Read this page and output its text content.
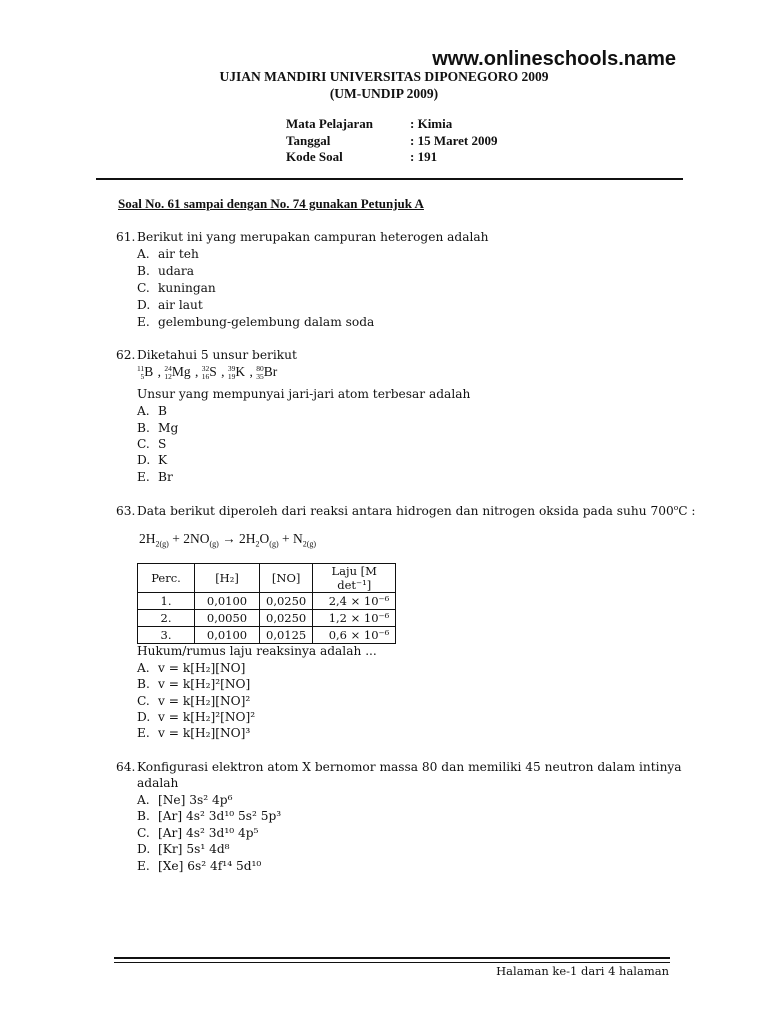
www.onlineschools.name
UJIAN MANDIRI UNIVERSITAS DIPONEGORO 2009
(UM-UNDIP 2009)
Mata Pelajaran	: Kimia
Tanggal	: 15 Maret 2009
Kode Soal	: 191
Soal No. 61 sampai dengan No. 74 gunakan Petunjuk A
61. Berikut ini yang merupakan campuran heterogen adalah
A. air teh
B. udara
C. kuningan
D. air laut
E. gelembung-gelembung dalam soda
62. Diketahui 5 unsur berikut
11
5 B , 24
12 Mg , 32
16 S , 39
19 K , 80
35 Br
Unsur yang mempunyai jari-jari atom terbesar adalah
A. B
B. Mg
C. S
D. K
E. Br
63. Data berikut diperoleh dari reaksi antara hidrogen dan nitrogen oksida pada suhu 700$^o$C :
$2H_{2(g)} + 2NO_{(g)} \to 2H_2O_{(g)} + N_{2(g)}$
Perc.	[H₂]	[NO]	Laju [M det⁻¹]
1.	0,0100	0,0250	2,4 × 10⁻⁶
2.	0,0050	0,0250	1,2 × 10⁻⁶
3.	0,0100	0,0125	0,6 × 10⁻⁶
Hukum/rumus laju reaksinya adalah ...
A. v = k[H₂][NO]
B. v = k[H₂]²[NO]
C. v = k[H₂][NO]²
D. v = k[H₂]²[NO]²
E. v = k[H₂][NO]³
64. Konfigurasi elektron atom X bernomor massa 80 dan memiliki 45 neutron dalam intinya
adalah
A. [Ne] 3s² 4p⁶
B. [Ar] 4s² 3d¹⁰ 5s² 5p³
C. [Ar] 4s² 3d¹⁰ 4p⁵
D. [Kr] 5s¹ 4d⁸
E. [Xe] 6s² 4f¹⁴ 5d¹⁰
Halaman ke-1 dari 4 halaman
